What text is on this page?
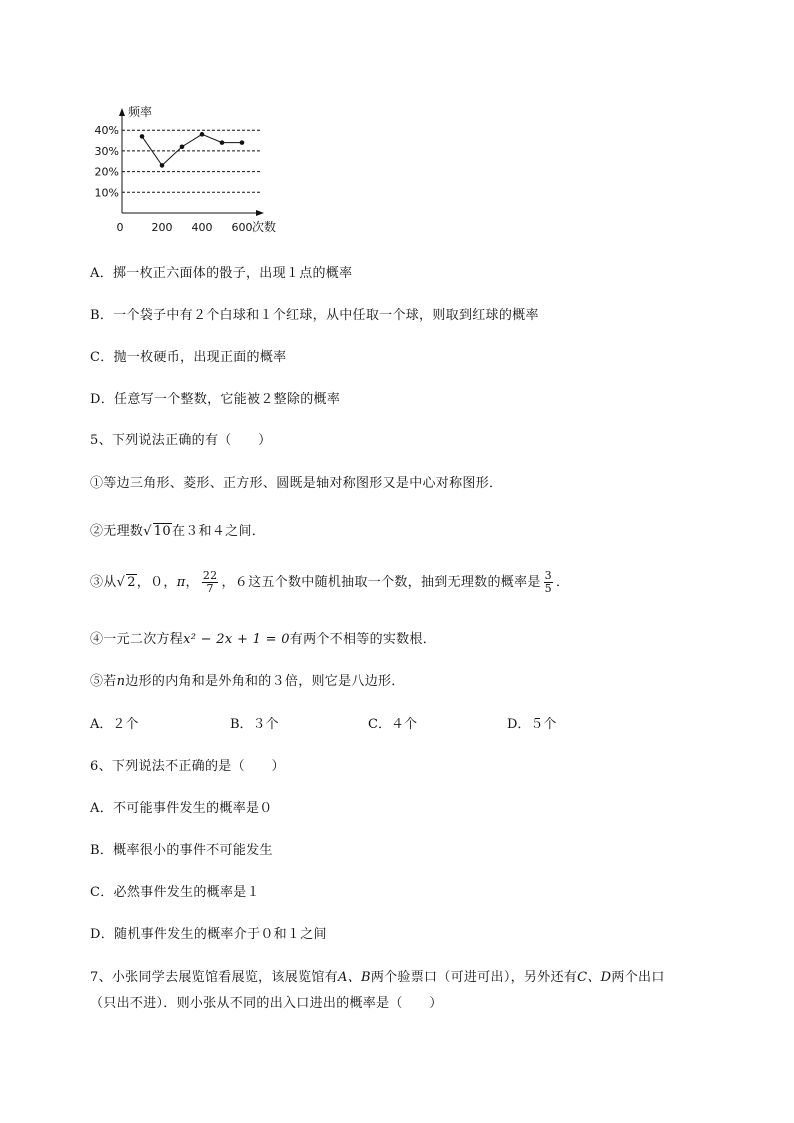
频率
次数
10%
20%
30%
40%
0	200 400 600
A．掷一枚正六面体的骰子，出现１点的概率
B．一个袋子中有２个白球和１个红球，从中任取一个球，则取到红球的概率
C．抛一枚硬币，出现正面的概率
D．任意写一个整数，它能被２整除的概率
5、下列说法正确的有（　　）
①等边三角形、菱形、正方形、圆既是轴对称图形又是中心对称图形．
②无理数√ 10在３和４之间．
③从√ 2，０，π， $\frac{22}{7}$ ，６这五个数中随机抽取一个数，抽到无理数的概率是 $\frac{3}{5}$ ．
④一元二次方程x² − 2x + 1 = 0有两个不相等的实数根．
⑤若n边形的内角和是外角和的３倍，则它是八边形．
A．２个	B．３个	C．４个	D．５个
6、下列说法不正确的是（　　）
A．不可能事件发生的概率是０
B．概率很小的事件不可能发生
C．必然事件发生的概率是１
D．随机事件发生的概率介于０和１之间
7、小张同学去展览馆看展览，该展览馆有A、B两个验票口（可进可出），另外还有C、D两个出口
（只出不进）．则小张从不同的出入口进出的概率是（　　）
